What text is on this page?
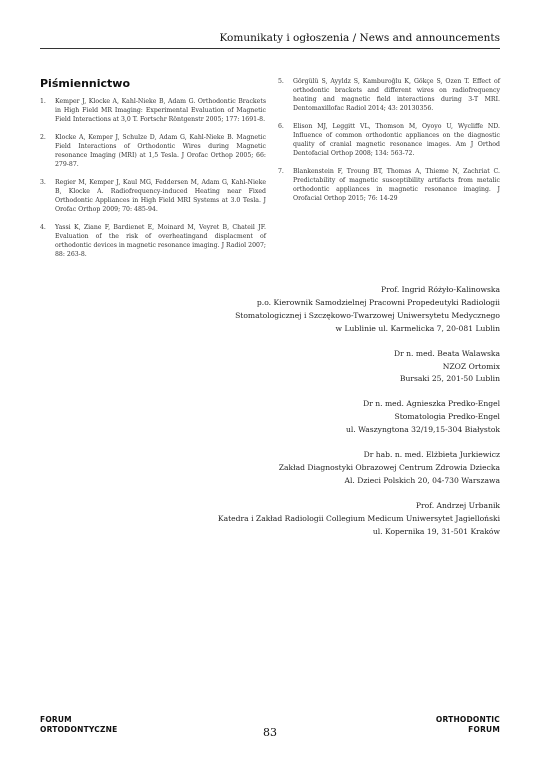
Komunikaty i ogłoszenia / News and announcements
Piśmiennictwo
1.	Kemper J, Klocke A, Kahl-Nieke B, Adam G. Orthodontic Brackets in High Field MR Imaging: Experimental Evaluation of Magnetic Field Interactions at 3,0 T. Fortschr Röntgenstr 2005; 177: 1691-8.
2.	Klocke A, Kemper J, Schulze D, Adam G, Kahl-Nieke B. Magnetic Field Interactions of Orthodontic Wires during Magnetic resonance Imaging (MRI) at 1,5 Tesla. J Orofac Orthop 2005; 66: 279-87.
3.	Regier M, Kemper J, Kaul MG, Feddersen M, Adam G, Kahl-Nieke B, Klocke A. Radiofrequency-induced Heating near Fixed Orthodontic Appliances in High Field MRI Systems at 3.0 Tesla. J Orofac Orthop 2009; 70: 485-94.
4.	Yassi K, Ziane F, Bardienet E, Moinard M, Veyret B, Chateil JF. Evaluation of the risk of overheatingand displacment of orthodontic devices in magnetic resonance imaging. J Radiol 2007; 88: 263-8.
5.	Görgülü S, Ayyldz S, Kamburoğlu K, Gökçe S, Ozen T. Effect of orthodontic brackets and different wires on radiofrequency heating and magnetic field interactions during 3-T MRI. Dentomaxillofac Radiol 2014; 43: 20130356.
6.	Elison MJ, Leggitt VL, Thomson M, Oyoyo U, Wycliffe ND. Influence of common orthodontic appliances on the diagnostic quality of cranial magnetic resonance images. Am J Orthod Dentofacial Orthop 2008; 134: 563-72.
7.	Blankenstein F, Troung BT, Thomas A, Thieme N, Zachriat C. Predictability of magnetic susceptibility artifacts from metalic orthodontic appliances in magnetic resonance imaging. J Orofacial Orthop 2015; 76: 14-29
Prof. Ingrid Różyło-Kalinowska
p.o. Kierownik Samodzielnej Pracowni Propedeutyki Radiologii
Stomatologicznej i Szczękowo-Twarzowej Uniwersytetu Medycznego
w Lublinie ul. Karmelicka 7, 20-081 Lublin
Dr n. med. Beata Walawska
NZOZ Ortomix
Bursaki 25, 201-50 Lublin
Dr n. med. Agnieszka Predko-Engel
Stomatologia Predko-Engel
ul. Waszyngtona 32/19,15-304 Białystok
Dr hab. n. med. Elżbieta Jurkiewicz
Zakład Diagnostyki Obrazowej Centrum Zdrowia Dziecka
Al. Dzieci Polskich 20, 04-730 Warszawa
Prof. Andrzej Urbanik
Katedra i Zakład Radiologii Collegium Medicum Uniwersytet Jagielloński
ul. Kopernika 19, 31-501 Kraków
FORUM
ORTODONTYCZNE	83
ORTHODONTIC
FORUM
